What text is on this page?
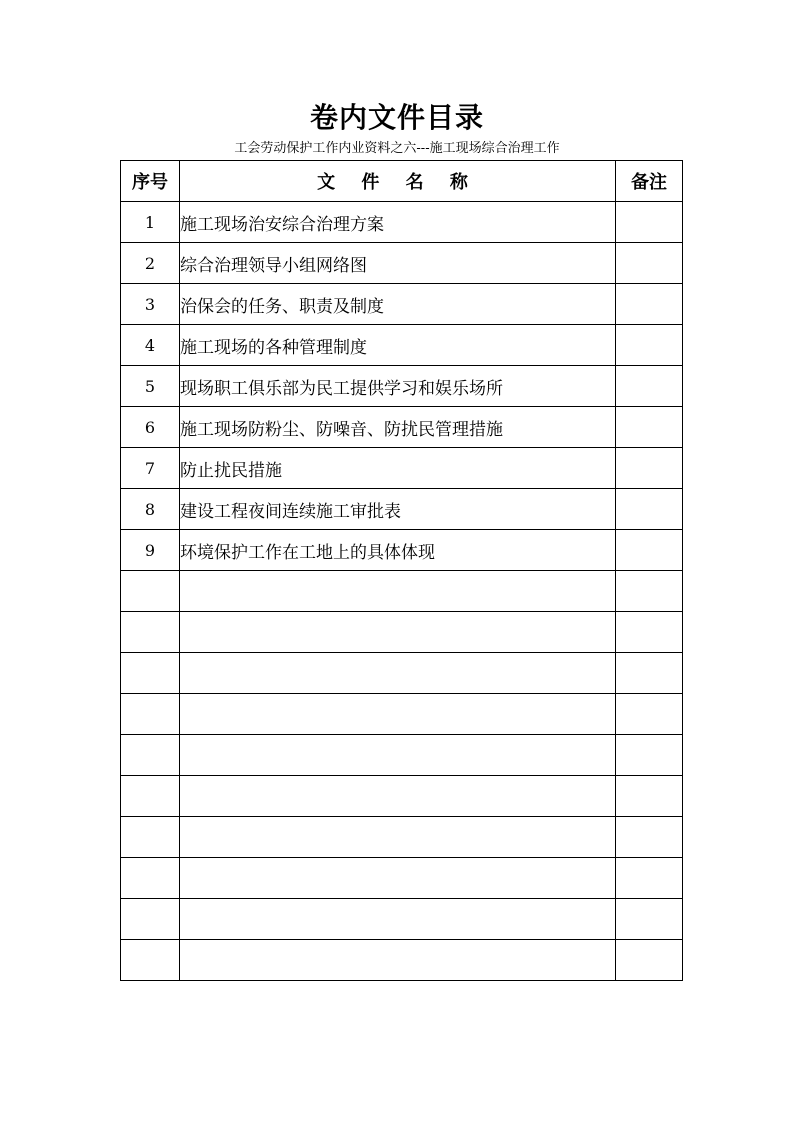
卷内文件目录
工会劳动保护工作内业资料之六---施工现场综合治理工作
序号	文 件 名 称	备注
1	施工现场治安综合治理方案	
2	综合治理领导小组网络图	
3	治保会的任务、职责及制度	
4	施工现场的各种管理制度	
5	现场职工俱乐部为民工提供学习和娱乐场所	
6	施工现场防粉尘、防噪音、防扰民管理措施	
7	防止扰民措施	
8	建设工程夜间连续施工审批表	
9	环境保护工作在工地上的具体体现	
